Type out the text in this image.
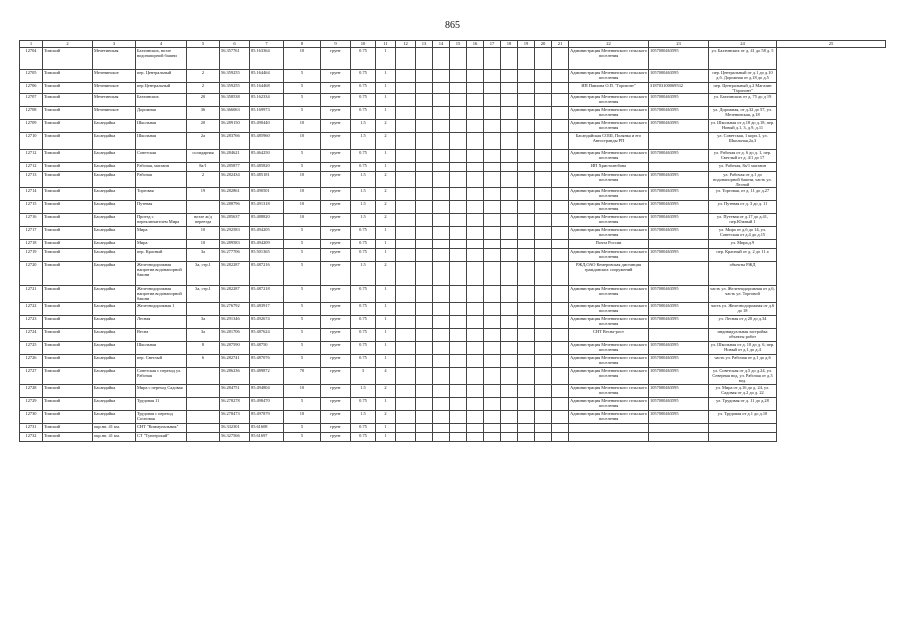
865
1	2	3	4	5	6	7	8	9	10	11	12	13	14	15	16	17	18	19	20	21	22	23	24	25
12704	Томский	Мечетинская	Бахтинских, возле водонапорной башни		56.357761	85.163364	10	грунт	0.75	1											Администрация Мезенинского сельского поселения	1057000463595	ул. Бахтинских от д. 41 до 58 д. 5	
12705	Томский	Мезенинское	пер. Центральный	2	56.359255	85.164464	5	грунт	0.75	1											Администрация Мезенинского сельского поселения	1057000463595	пер. Центральный от д.1 до д.10 д.б. Дорожная от д.18 до д.5	
12706	Томский	Мезенинское	пер.Центральный	2	56.359255	85.164468	5	грунт	0.75	1											ИП Павлова О.П. "Горизонт"	318703100069532	пер. Центральный д.2 Магазин "Горизонт"	
12707	Томский	Мечетинская	Бахтинских	20	56.358538	85.162334	5	грунт	0.75	1											Администрация Мезенинского сельского поселения	1057000463595	ул. Бахтинских от д. 75 до д 19	
12708	Томский	Мезенинское	Дорожная	36	56.366063	85.169973	5	грунт	0.75	1											Администрация Мезенинского сельского поселения	1057000463595	ул. Дорожная, от д.32 до 57, ул. Мезенинская, д.18	
12709	Томский	Басандайка	Школьная	20	56.289150	85.490440	10	грунт	1.5	2											Администрация Мезенинского сельского поселения	1057000463595	ул. Школьная от д.18 до д.18, пер. Новый д.1, 3, д.9, д.11	
12710	Томский	Басандайка	Школьная	2a	56.283766	85.485960	10	грунт	1.5	2											Басандайская СОШ, Полянка и его Автостранды РП		ул. Советская, 1 корп.1, ул. Школьная,2а,3	
12712	Томский	Басандайка	Советская	солидарная	56.284621	85.464250	5	грунт	0.75	1											Администрация Мезенинского сельского поселения	1057000463595	ул. Рабочая от д. 6 до д. 1, пер. Светлый от д. 4/1 до 17	
12712	Томский	Басандайка	Рабочая, магазин	8a/1	56.285877	85.485820	5	грунт	0.75	1											ИП Христолюбова		ул. Рабочая, 8a/1 магазин	
12713	Томский	Басандайка	Рабочая	2	56.282434	85.485181	10	грунт	1.5	2											Администрация Мезенинского сельского поселения	1057000463595	ул. Рабочая от д.1 до водонапорной башни, часть ул. Лесной	
12714	Томский	Басандайка	Торговая	19	56.282861	85.490501	10	грунт	1.5	2											Администрация Мезенинского сельского поселения	1057000463595	ул. Торговая, от д. 11 до д.27	
12715	Томский	Басандайка	Путевая		56.288796	85.491318	10	грунт	1.5	2											Администрация Мезенинского сельского поселения	1057000463595	ул. Путевая от д. 3 до д. 11	
12716	Томский	Басандайка	Проезд с переключателем Мира	возле ж/д переезда	56.285637	85.488820	10	грунт	1.5	2											Администрация Мезенинского сельского поселения	1057000463595	ул. Путевая от д.17 до д.41, пер.Южный 1	
12717	Томский	Басандайка	Мира	10	56.292583	85.494205	5	грунт	0.75	1											Администрация Мезенинского сельского поселения	1057000463595	ул. Мира от д.6 до 14, ул. Советская от д.4 до д.15	
12718	Томский	Басандайка	Мира	10	56.289583	85.494209	5	грунт	0.75	1											Почта России		ул. Мира,д.9	
12719	Томский	Басандайка	пер. Красный	3a	56.277706	85.501365	5	грунт	0.75	1											Администрация Мезенинского сельского поселения	1057000463595	пер. Красный от д. 2 до 11 а	
12720	Томский	Басандайка	Железнодорожная напротив водонапорной башни	3a, стр.1	56.282287	85.487216	5	грунт	1.5	2											РЖД,ОАО Кемеровская дистанция гражданских сооружений		объекты РЖД	
12721	Томский	Басандайка	Железнодорожная напротив водонапорной башни	3a, стр.1	56.282287	85.487218	5	грунт	0.75	1											Администрация Мезенинского сельского поселения	1057000463595	часть ул. Железнодорожная от д.6, часть ул. Торговой	
12722	Томский	Басандайка	Железнодорожная 1		56.276792	85.483917	5	грунт	0.75	1											Администрация Мезенинского сельского поселения	1057000463595	часть ул. Железнодорожная от д.6 до 18	
12723	Томский	Басандайка	Лесная	3a	56.291346	85.492674	5	грунт	0.75	1											Администрация Мезенинского сельского поселения	1057000463595	ул. Лесная от д 20 до д.34	
12724	Томский	Басандайка	Весна	3a	56.281706	85.487624	5	грунт	0.75	1											СНТ Весна-рост		индивидуальная застройка объекты работ	
12725	Томский	Басандайка	Школьная	8	56.287590	85.48750	5	грунт	0.75	1											Администрация Мезенинского сельского поселения	1057000463595	ул. Школьная от д. 10 до д. 6, пер. Новый от д.1 до д.4	
12726	Томский	Басандайка	пер. Светлый	6	56.282741	85.487076	5	грунт	0.75	1											Администрация Мезенинского сельского поселения	1057000463595	часть ул. Рабочая от д.1 до д.6	
12727	Томский	Басандайка	Советская с переход ул. Рабочая		56.286236	85.489872	70	грунт	3	4											Администрация Мезенинского сельского поселения	1057000463595	ул. Советская от д.5 до д.24, ул. Северная вод, ул. Рабочая от д.3 вод.	
12728	Томский	Басандайка	Мира с переход Садовая		56.284751	85.494804	10	грунт	1.5	2											Администрация Мезенинского сельского поселения	1057000463595	ул. Мира от д.16 до д. 24, ул. Садовая от д.2 до д. 22	
12729	Томский	Басандайка	Трудовая 11		56.278278	85.498470	5	грунт	0.75	1											Администрация Мезенинского сельского поселения	1057000463595	ул. Трудовая от д. 11 до д.28	
12730	Томский	Басандайка	Трудовая с переход Сосновая		56.278473	85.497879	10	грунт	1.5	2											Администрация Мезенинского сельского поселения	1057000463595	ул. Трудовая от д.1 до д.10	
12731	Томский	окр.нп. 41 км.	СНТ "Коммунальник"		56.332301	85.61608	5	грунт	0.75	1														
12732	Томский	окр.нп. 41 км.	СТ "Тунеерский"		56.327566	85.61697	5	грунт	0.75	1														
